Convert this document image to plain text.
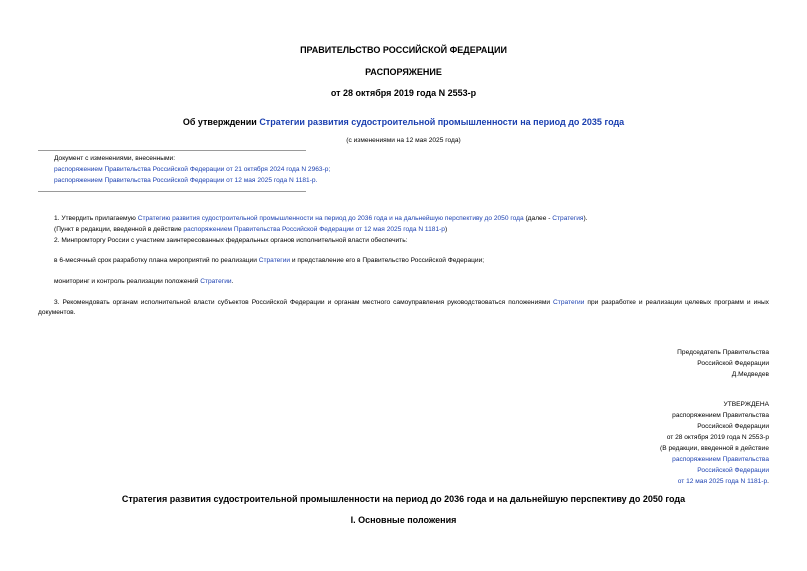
ПРАВИТЕЛЬСТВО РОССИЙСКОЙ ФЕДЕРАЦИИ
РАСПОРЯЖЕНИЕ
от 28 октября 2019 года N 2553-р
Об утверждении Стратегии развития судостроительной промышленности на период до 2035 года
(с изменениями на 12 мая 2025 года)
Документ с изменениями, внесенными:
распоряжением Правительства Российской Федерации от 21 октября 2024 года N 2963-р;
распоряжением Правительства Российской Федерации от 12 мая 2025 года N 1181-р.
1. Утвердить прилагаемую Стратегию развития судостроительной промышленности на период до 2036 года и на дальнейшую перспективу до 2050 года (далее - Стратегия).
(Пункт в редакции, введенной в действие распоряжением Правительства Российской Федерации от 12 мая 2025 года N 1181-р)
2. Минпромторгу России с участием заинтересованных федеральных органов исполнительной власти обеспечить:
в 6-месячный срок разработку плана мероприятий по реализации Стратегии и представление его в Правительство Российской Федерации;
мониторинг и контроль реализации положений Стратегии.
3. Рекомендовать органам исполнительной власти субъектов Российской Федерации и органам местного самоуправления руководствоваться положениями Стратегии при разработке и реализации целевых программ и иных документов.
Председатель Правительства
Российской Федерации
Д.Медведев
УТВЕРЖДЕНА
распоряжением Правительства
Российской Федерации
от 28 октября 2019 года N 2553-р
(В редакции, введенной в действие
распоряжением Правительства
Российской Федерации
от 12 мая 2025 года N 1181-р.
Стратегия развития судостроительной промышленности на период до 2036 года и на дальнейшую перспективу до 2050 года
I. Основные положения
